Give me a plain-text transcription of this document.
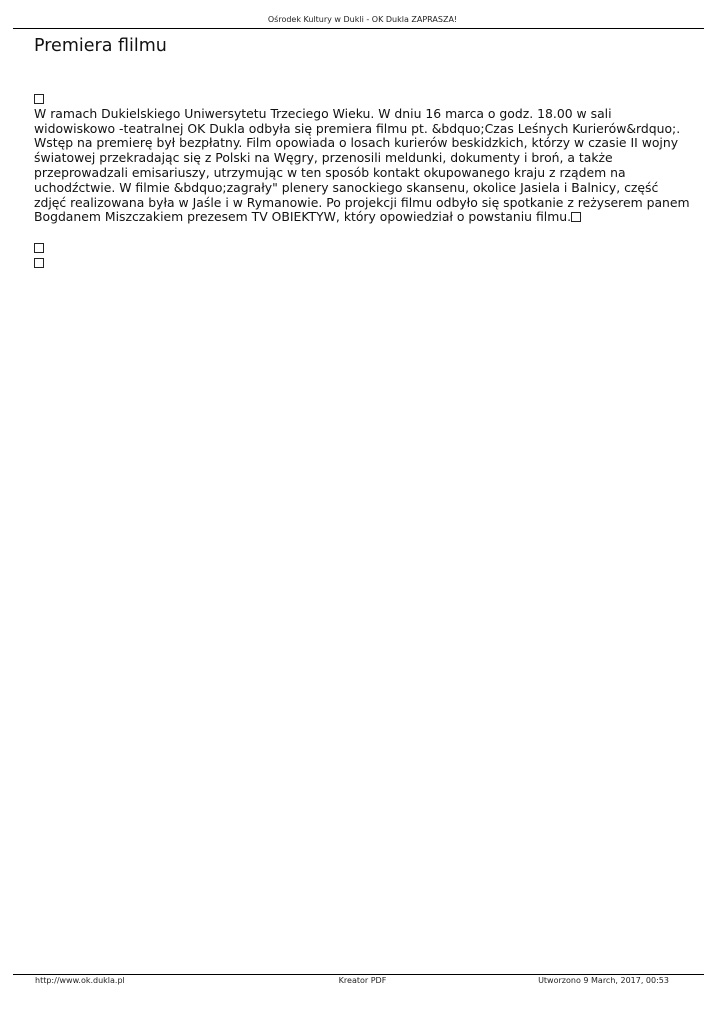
Ośrodek Kultury w Dukli - OK Dukla ZAPRASZA!
Premiera flilmu

W ramach Dukielskiego Uniwersytetu Trzeciego Wieku. W dniu 16 marca o godz. 18.00 w sali widowiskowo -teatralnej OK Dukla odbyła się premiera filmu pt. &bdquo;Czas Leśnych Kurierów&rdquo;. Wstęp na premierę był bezpłatny. Film opowiada o losach kurierów beskidzkich, którzy w czasie II wojny światowej przekradając się z Polski na Węgry, przenosili meldunki, dokumenty i broń, a także przeprowadzali emisariuszy, utrzymując w ten sposób kontakt okupowanego kraju z rządem na uchodźctwie. W filmie &bdquo;zagrały" plenery sanockiego skansenu, okolice Jasiela i Balnicy, część zdjęć realizowana była w Jaśle i w Rymanowie. Po projekcji filmu odbyło się spotkanie z reżyserem panem Bogdanem Miszczakiem prezesem TV OBIEKTYW, który opowiedział o powstaniu filmu.

http://www.ok.dukla.pl	Kreator PDF	Utworzono 9 March, 2017, 00:53
